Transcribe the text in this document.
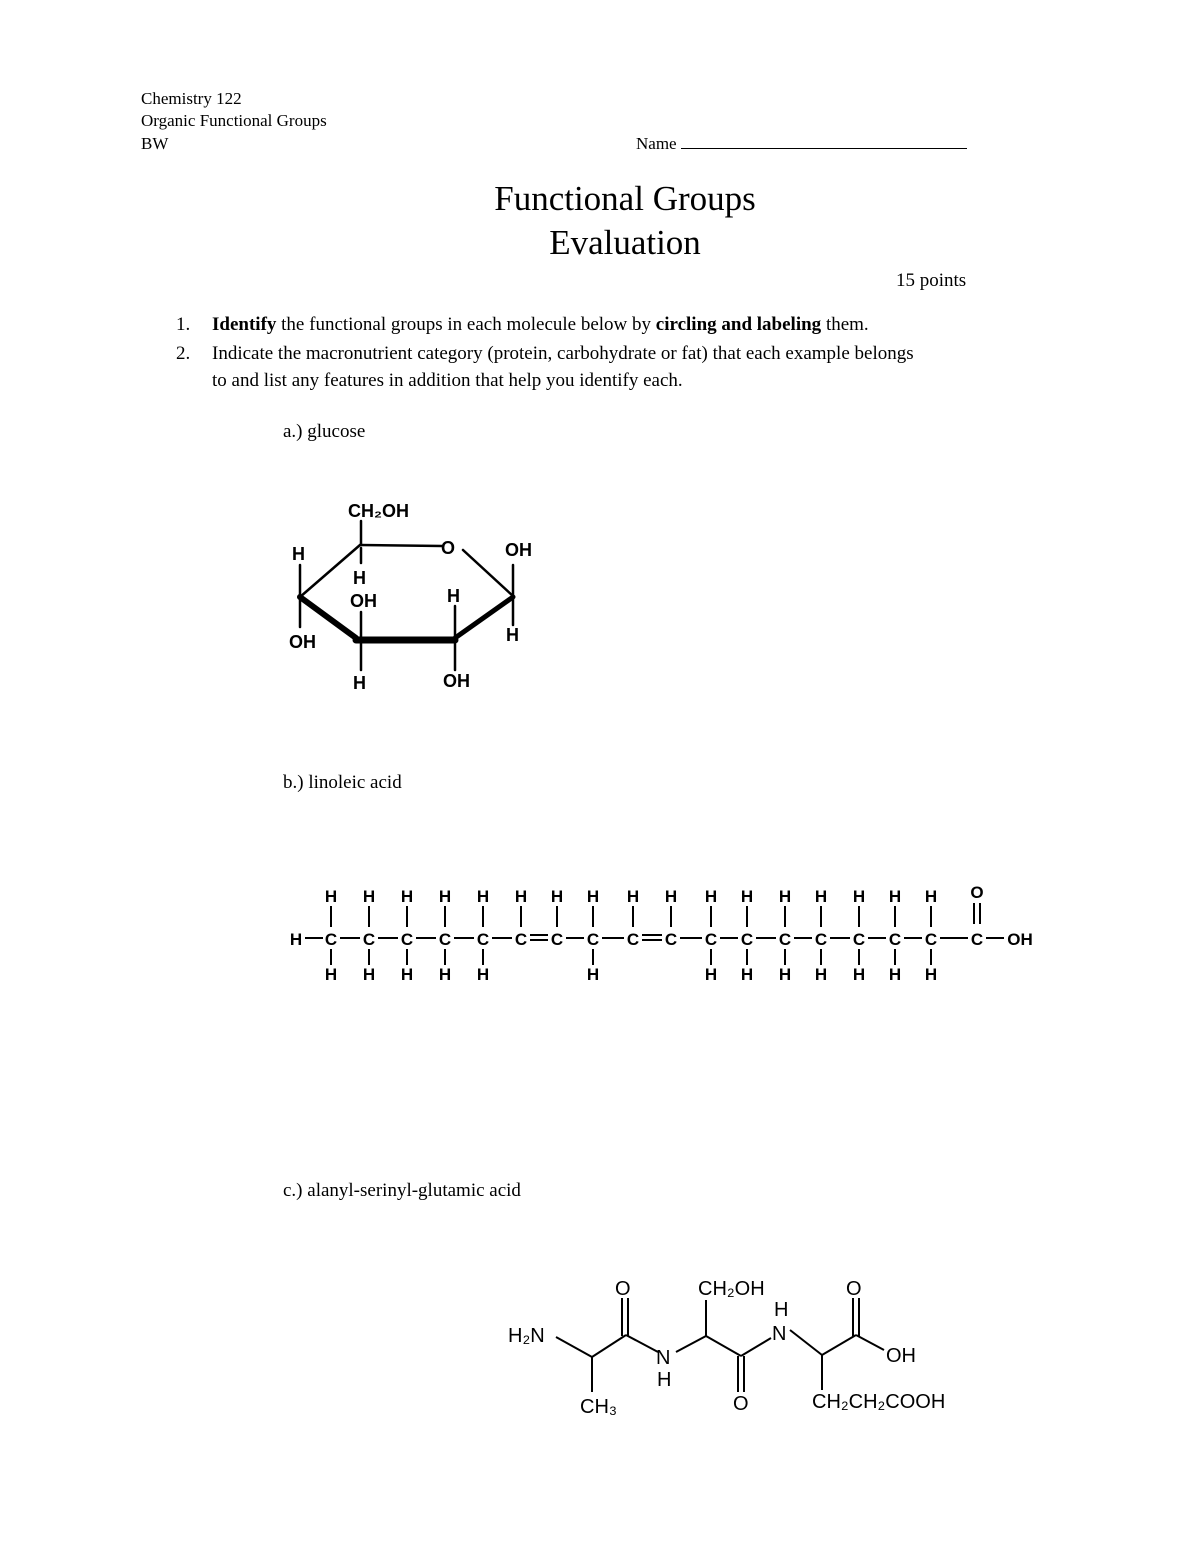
Chemistry 122
Organic Functional Groups
BW	Name
Functional Groups
Evaluation
15 points
1. Identify the functional groups in each molecule below by circling and labeling them.
2. Indicate the macronutrient category (protein, carbohydrate or fat) that each example belongs
to and list any features in addition that help you identify each.
a.) glucose
b.) linoleic acid
c.) alanyl-serinyl-glutamic acid
CH₂OH
O	OH
H
H
OH	H
OH	H
H	OH
H C
H
H
C
H
H
C
H
H
C
H
H
C
H
H
C
H
C
H
C
H
H
C
H
C
H
C
H
H
C
H
H
C
H
H
C
H
H
C
H
H
C
H
H
C
H
H
C
O
OH
O	CH₂OH	O
H
N
H₂N
N
H
OH
CH₃	O	CH₂CH₂COOH
